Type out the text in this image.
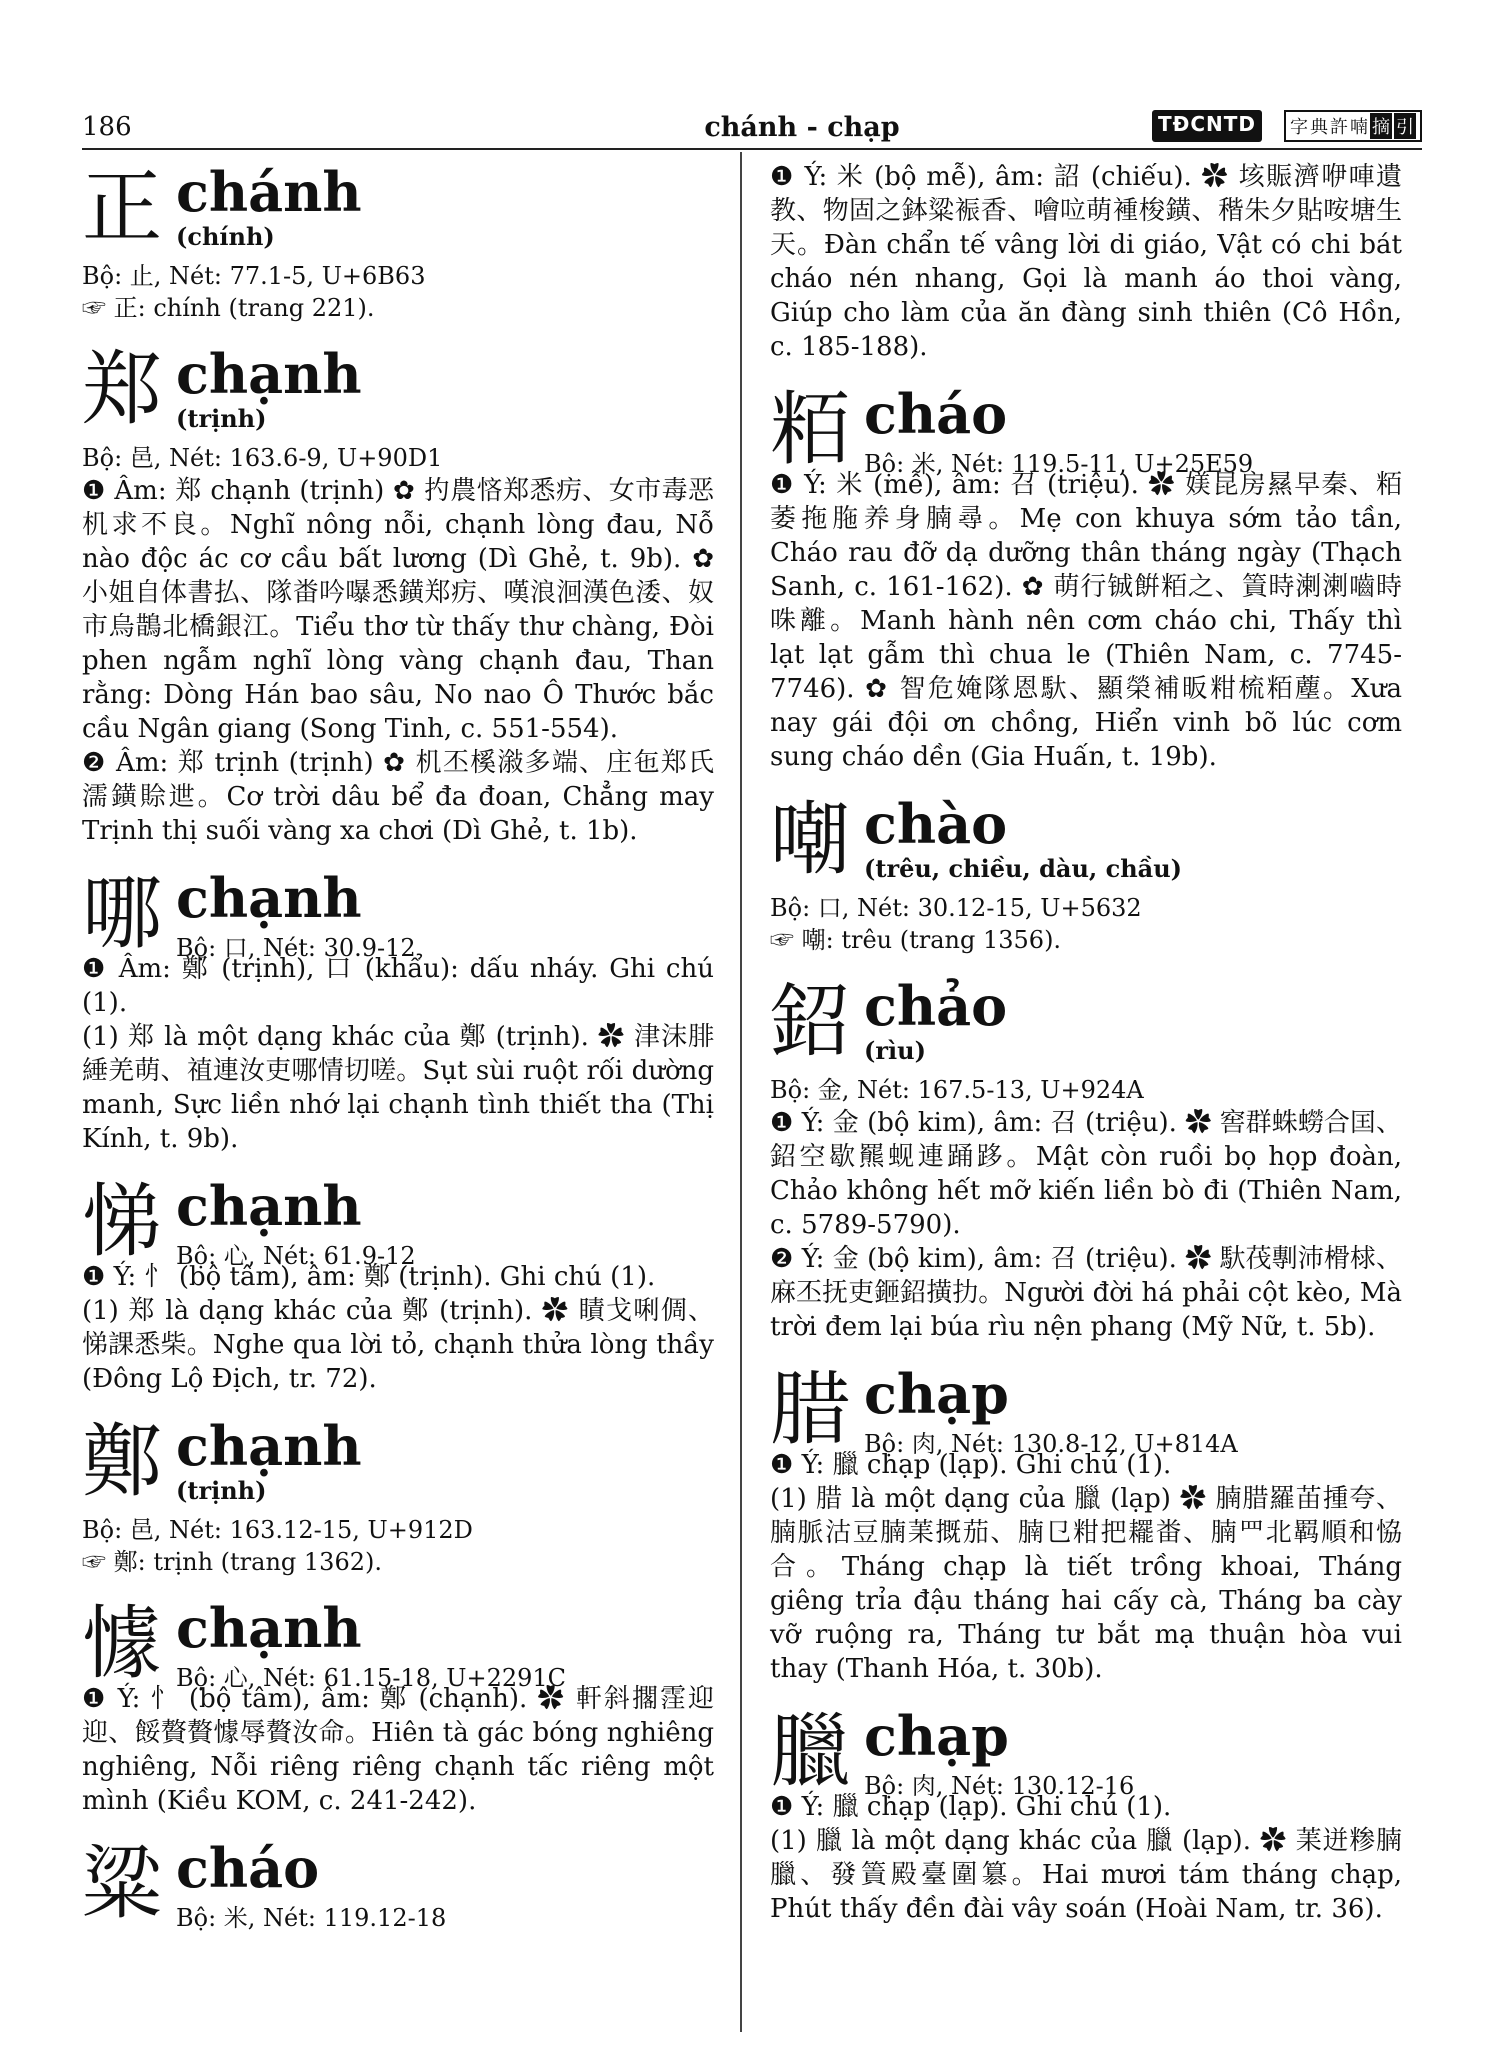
186	chánh - chạp	TĐCNTD	字 典 許 喃 摘 引
正 chánh
(chính)

Bộ: 止, Nét: 77.1-5, U+6B63

☞ 正: chính (trang 221).

郑 chạnh
(trịnh)

Bộ: 邑, Nét: 163.6-9, U+90D1

❶ Âm: 郑 chạnh (trịnh) ✿ 扚農悋郑悉疠、女市毒恶机求不良。Nghĩ nông nỗi, chạnh lòng đau, Nỗ nào độc ác cơ cầu bất lương (Dì Ghẻ, t. 9b). ✿ 小姐自体書払、隊畨吟嚗悉鐄郑疠、嘆浪洄漢色涹、奴市烏鵲北橋銀江。Tiểu thơ từ thấy thư chàng, Đòi phen ngẫm nghĩ lòng vàng chạnh đau, Than rằng: Dòng Hán bao sâu, No nao Ô Thước bắc cầu Ngân giang (Song Tinh, c. 551-554).

❷ Âm: 郑 trịnh (trịnh) ✿ 机丕榽潊多端、庄㐌郑氏濡鐄賒迣。Cơ trời dâu bể đa đoan, Chẳng may Trịnh thị suối vàng xa chơi (Dì Ghẻ, t. 1b).

哪 chạnh
Bộ: 口, Nét: 30.9-12

❶ Âm: 鄭 (trịnh), 口 (khẩu): dấu nháy. Ghi chú (1).

(1) 郑 là một dạng khác của 鄭 (trịnh). ✿ 津沫腓綞羌萌、禃連汝吏哪情切嗟。Sụt sùi ruột rối dường manh, Sực liền nhớ lại chạnh tình thiết tha (Thị Kính, t. 9b).

悌 chạnh
Bộ: 心, Nét: 61.9-12

❶ Ý: 忄 (bộ tâm), âm: 鄭 (trịnh). Ghi chú (1).

(1) 郑 là dạng khác của 鄭 (trịnh). ✿ 瞔戈唎倜、悌課悉柴。Nghe qua lời tỏ, chạnh thửa lòng thầy (Đông Lộ Địch, tr. 72).

鄭 chạnh
(trịnh)

Bộ: 邑, Nét: 163.12-15, U+912D

☞ 鄭: trịnh (trang 1362).

懅 chạnh
Bộ: 心, Nét: 61.15-18, U+2291C

❶ Ý: 忄 (bộ tâm), âm: 鄭 (chạnh). ✿ 軒斜擱霔迎迎、餒贅贅懅辱贅汝命。Hiên tà gác bóng nghiêng nghiêng, Nỗi riêng riêng chạnh tấc riêng một mình (Kiều KOM, c. 241-242).

粱 cháo
Bộ: 米, Nét: 119.12-18

❶ Ý: 米 (bộ mễ), âm: 詔 (chiếu). ✿ 垓賑濟咿唓遺教、物固之鉢粱裖香、噲㕸萌褈梭鐄、稭朱夕貼咹塘生天。Đàn chẩn tế vâng lời di giáo, Vật có chi bát cháo nén nhang, Gọi là manh áo thoi vàng, Giúp cho làm của ăn đàng sinh thiên (Cô Hồn, c. 185-188).

粨 cháo
Bộ: 米, Nét: 119.5-11, U+25E59

❶ Ý: 米 (mễ), âm: 召 (triệu). ✿ 媄昆房㬎早秦、粨萎拖胣养身腩尋。Mẹ con khuya sớm tảo tần, Cháo rau đỡ dạ dưỡng thân tháng ngày (Thạch Sanh, c. 161-162). ✿ 萌行铖餠粨之、篢時溂溂嚙時咮離。Manh hành nên cơm cháo chi, Thấy thì lạt lạt gẫm thì chua le (Thiên Nam, c. 7745-7746). ✿ 智危㛪隊恩馱、顯榮補昄粓梳粨薼。Xưa nay gái đội ơn chồng, Hiển vinh bõ lúc cơm sung cháo dền (Gia Huấn, t. 19b).

嘲 chào
(trêu, chiều, dàu, chầu)

Bộ: 口, Nét: 30.12-15, U+5632

☞ 嘲: trêu (trang 1356).

鉊 chảo
(rìu)

Bộ: 金, Nét: 167.5-13, U+924A

❶ Ý: 金 (bộ kim), âm: 召 (triệu). ✿ 窖群蛛蟧合囯、鉊空歇羆蚬連踊跢。Mật còn ruồi bọ họp đoàn, Chảo không hết mỡ kiến liền bò đi (Thiên Nam, c. 5789-5790).

❷ Ý: 金 (bộ kim), âm: 召 (triệu). ✿ 馱茷剸沛榾梂、麻丕抚吏鉔鉊撗扐。Người đời há phải cột kèo, Mà trời đem lại búa rìu nện phang (Mỹ Nữ, t. 5b).

腊 chạp
Bộ: 肉, Nét: 130.8-12, U+814A

❶ Ý: 臘 chạp (lạp). Ghi chú (1).

(1) 腊 là một dạng của 臘 (lạp) ✿ 腩腊羅苖揰夸、腩脈沽豆腩䒹摡茄、腩㔾粓把䎱畨、腩罒北羁順和恊合。Tháng chạp là tiết trồng khoai, Tháng giêng trỉa đậu tháng hai cấy cà, Tháng ba cày vỡ ruộng ra, Tháng tư bắt mạ thuận hòa vui thay (Thanh Hóa, t. 30b).

臘 chạp
Bộ: 肉, Nét: 130.12-16

❶ Ý: 臘 chạp (lạp). Ghi chú (1).

(1) 臘 là một dạng khác của 臘 (lạp). ✿ 䒹迸糁腩臘、發篢殿臺圍簒。Hai mươi tám tháng chạp, Phút thấy đền đài vây soán (Hoài Nam, tr. 36).
